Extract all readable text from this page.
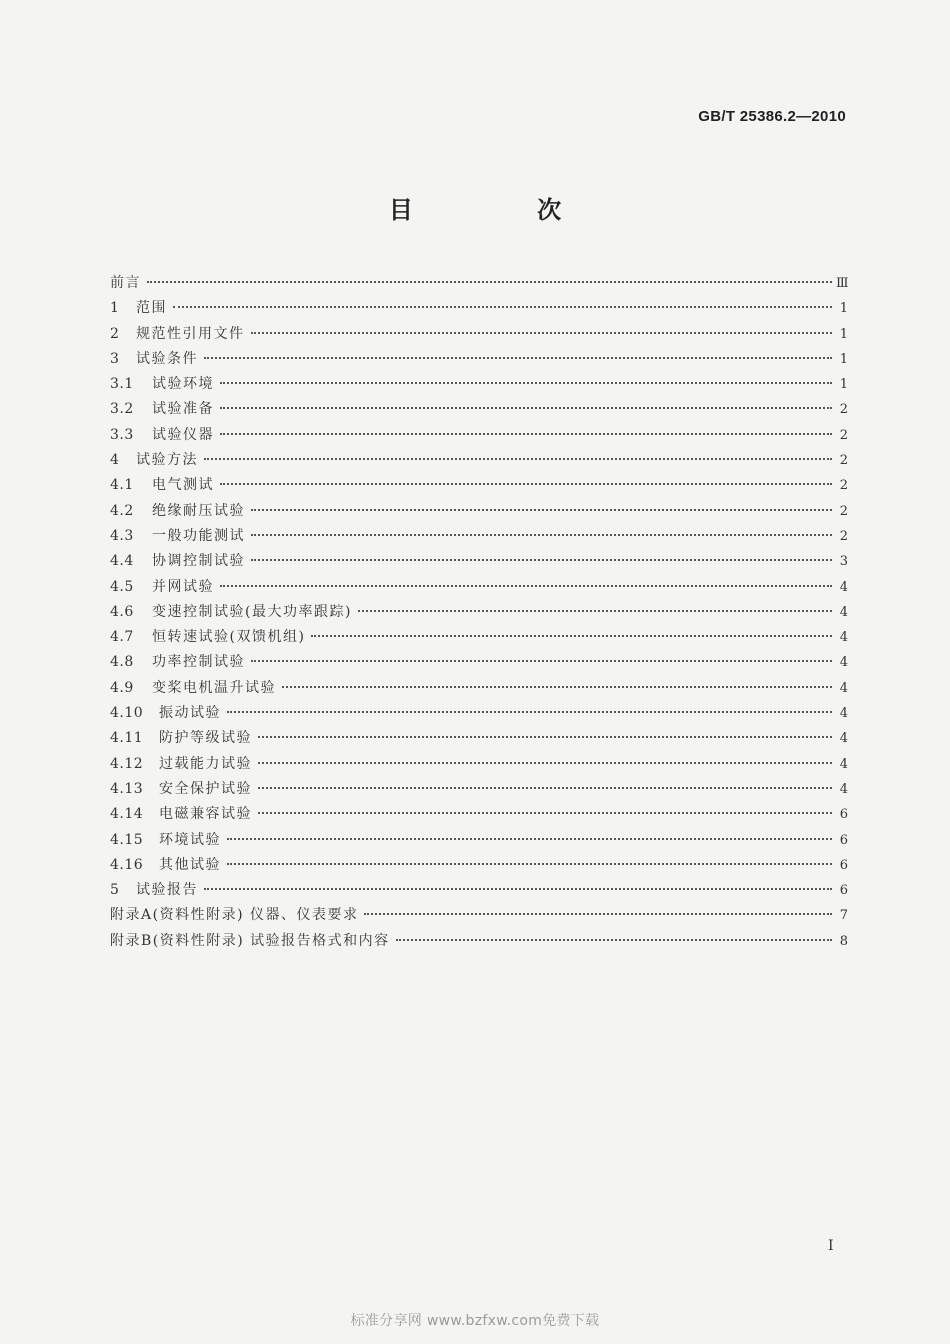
GB/T 25386.2—2010
目 次
前言	Ⅲ
1	范围	1
2	规范性引用文件	1
3	试验条件	1
3.1	试验环境	1
3.2	试验准备	2
3.3	试验仪器	2
4	试验方法	2
4.1	电气测试	2
4.2	绝缘耐压试验	2
4.3	一般功能测试	2
4.4	协调控制试验	3
4.5	并网试验	4
4.6	变速控制试验(最大功率跟踪)	4
4.7	恒转速试验(双馈机组)	4
4.8	功率控制试验	4
4.9	变桨电机温升试验	4
4.10	振动试验	4
4.11	防护等级试验	4
4.12	过载能力试验	4
4.13	安全保护试验	4
4.14	电磁兼容试验	6
4.15	环境试验	6
4.16	其他试验	6
5	试验报告	6
附录A(资料性附录) 仪器、仪表要求	7
附录B(资料性附录) 试验报告格式和内容	8
I
标准分享网 www.bzfxw.com免费下载
